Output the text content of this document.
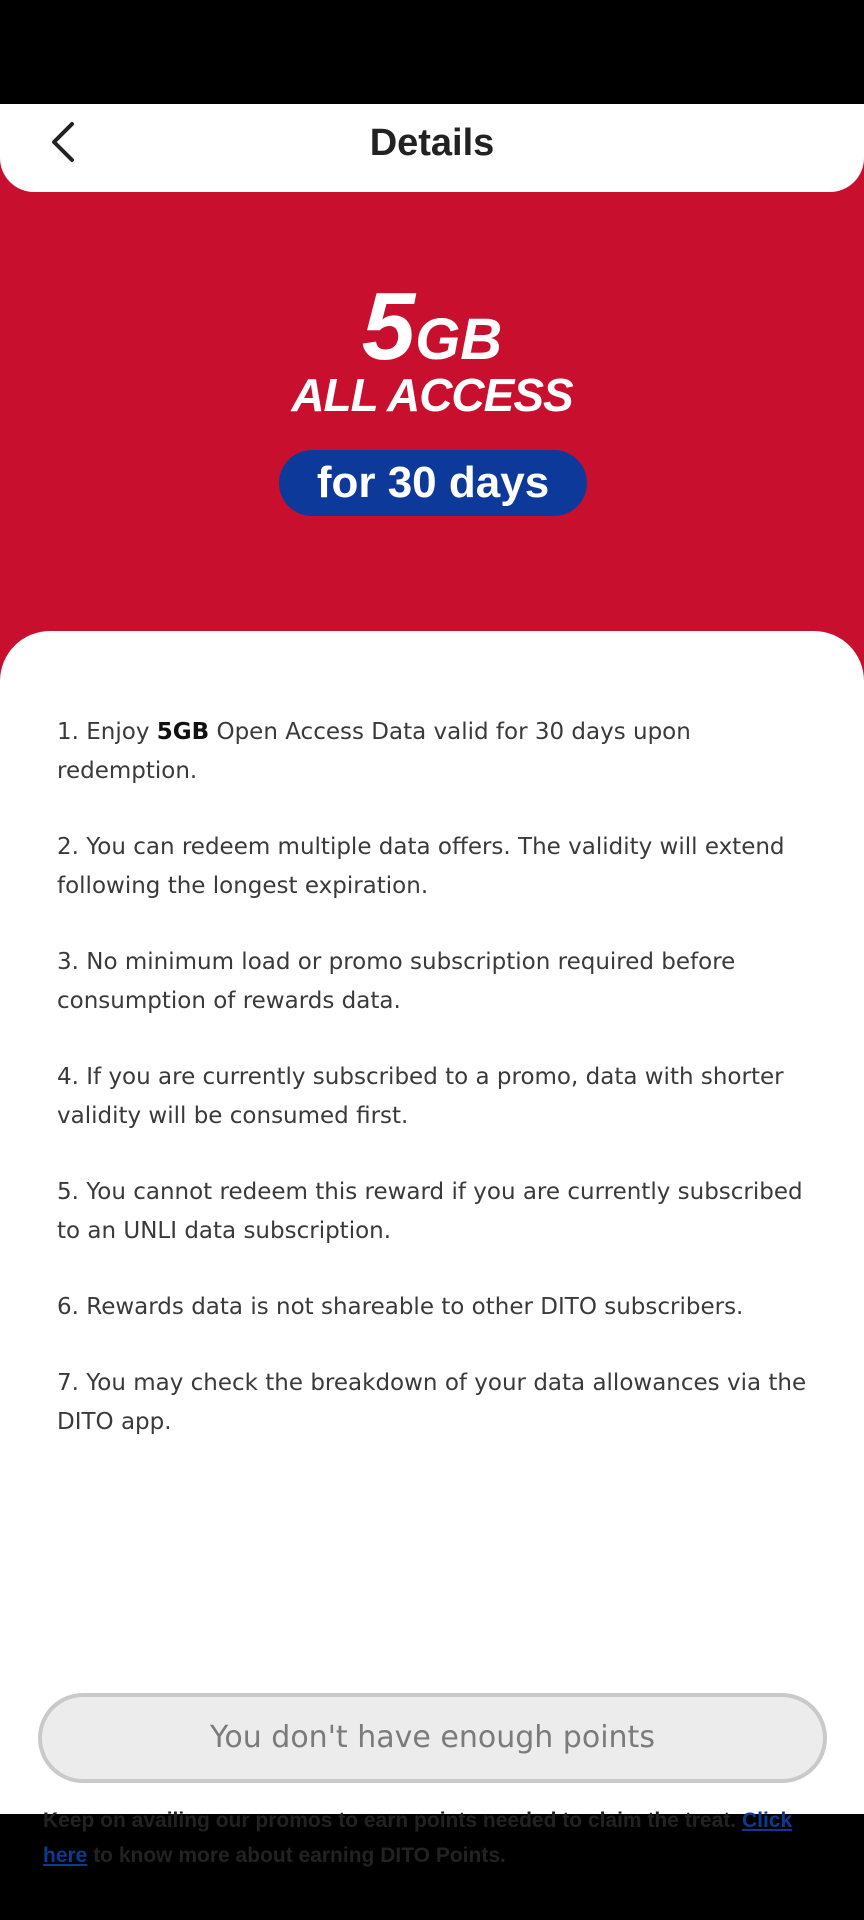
5GB
ALL ACCESS
for 30 days
Details

1. Enjoy 5GB Open Access Data valid for 30 days upon redemption.

2. You can redeem multiple data offers. The validity will extend following the longest expiration.

3. No minimum load or promo subscription required before consumption of rewards data.

4. If you are currently subscribed to a promo, data with shorter validity will be consumed first.

5. You cannot redeem this reward if you are currently subscribed to an UNLI data subscription.

6. Rewards data is not shareable to other DITO subscribers.

7. You may check the breakdown of your data allowances via the DITO app.

You don't have enough points
Keep on availing our promos to earn points needed to claim the treat. Click here to know more about earning DITO Points.
